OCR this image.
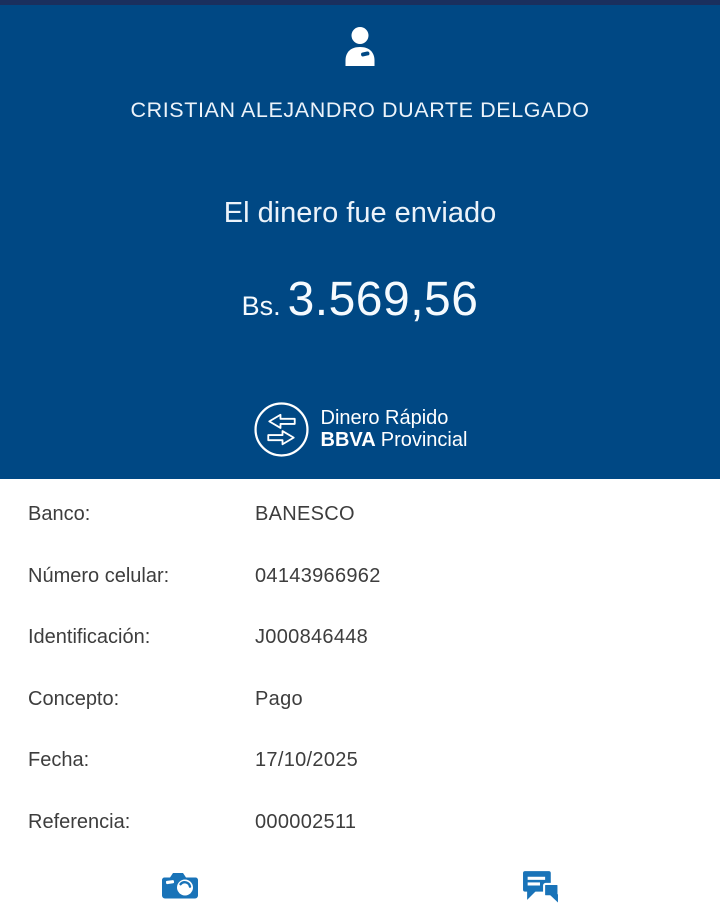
CRISTIAN ALEJANDRO DUARTE DELGADO
El dinero fue enviado
Bs. 3.569,56
Dinero Rápido
BBVA Provincial
Banco:	BANESCO
Número celular:	04143966962
Identificación:	J000846448
Concepto:	Pago
Fecha:	17/10/2025
Referencia:	000002511
